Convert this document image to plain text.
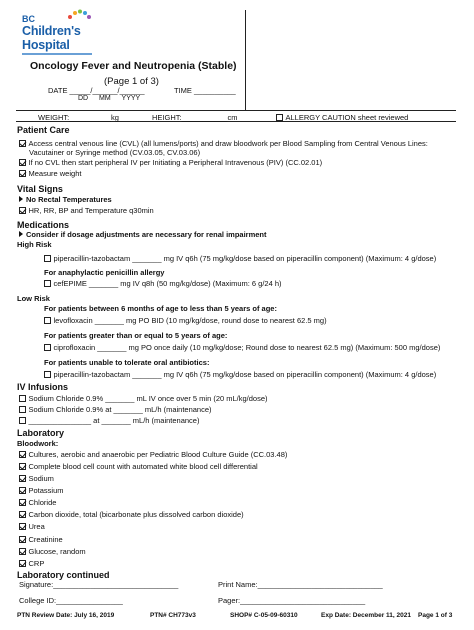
BC
Children's
Hospital
Oncology Fever and Neutropenia (Stable)
(Page 1 of 3)
DATE _____/______/______	TIME __________
DD MM YYYY
WEIGHT:__________kg	HEIGHT:___________cm	ALLERGY CAUTION sheet reviewed
Patient Care
Access central venous line (CVL) (all lumens/ports) and draw bloodwork per Blood Sampling from Central Venous Lines:
Vacutainer or Syringe method (CV.03.05, CV.03.06)
If no CVL then start peripheral IV per Initiating a Peripheral Intravenous (PIV) (CC.02.01)
Measure weight
Vital Signs
No Rectal Temperatures
HR, RR, BP and Temperature q30min
Medications
Consider if dosage adjustments are necessary for renal impairment
High Risk
piperacillin-tazobactam _______ mg IV q6h (75 mg/kg/dose based on piperacillin component) (Maximum: 4 g/dose)
For anaphylactic penicillin allergy
cefEPIME _______ mg IV q8h (50 mg/kg/dose) (Maximum: 6 g/24 h)
Low Risk
For patients between 6 months of age to less than 5 years of age:
levofloxacin _______ mg PO BID (10 mg/kg/dose, round dose to nearest 62.5 mg)
For patients greater than or equal to 5 years of age:
ciprofloxacin _______ mg PO once daily (10 mg/kg/dose; Round dose to nearest 62.5 mg) (Maximum: 500 mg/dose)
For patients unable to tolerate oral antibiotics:
piperacillin-tazobactam _______ mg IV q6h (75 mg/kg/dose based on piperacillin component) (Maximum: 4 g/dose)
IV Infusions
Sodium Chloride 0.9% _______ mL IV once over 5 min (20 mL/kg/dose)
Sodium Chloride 0.9% at _______ mL/h (maintenance)
_______________ at _______ mL/h (maintenance)
Laboratory
Bloodwork:
Cultures, aerobic and anaerobic per Pediatric Blood Culture Guide (CC.03.48)
Complete blood cell count with automated white blood cell differential
Sodium
Potassium
Chloride
Carbon dioxide, total (bicarbonate plus dissolved carbon dioxide)
Urea
Creatinine
Glucose, random
CRP
Laboratory continued
Signature:______________________________	Print Name:______________________________
College ID:________________	Pager:______________________________
PTN Review Date: July 16, 2019	PTN# CH773v3	SHOP# C-05-09-60310	Exp Date: December 11, 2021 Page 1 of 3
